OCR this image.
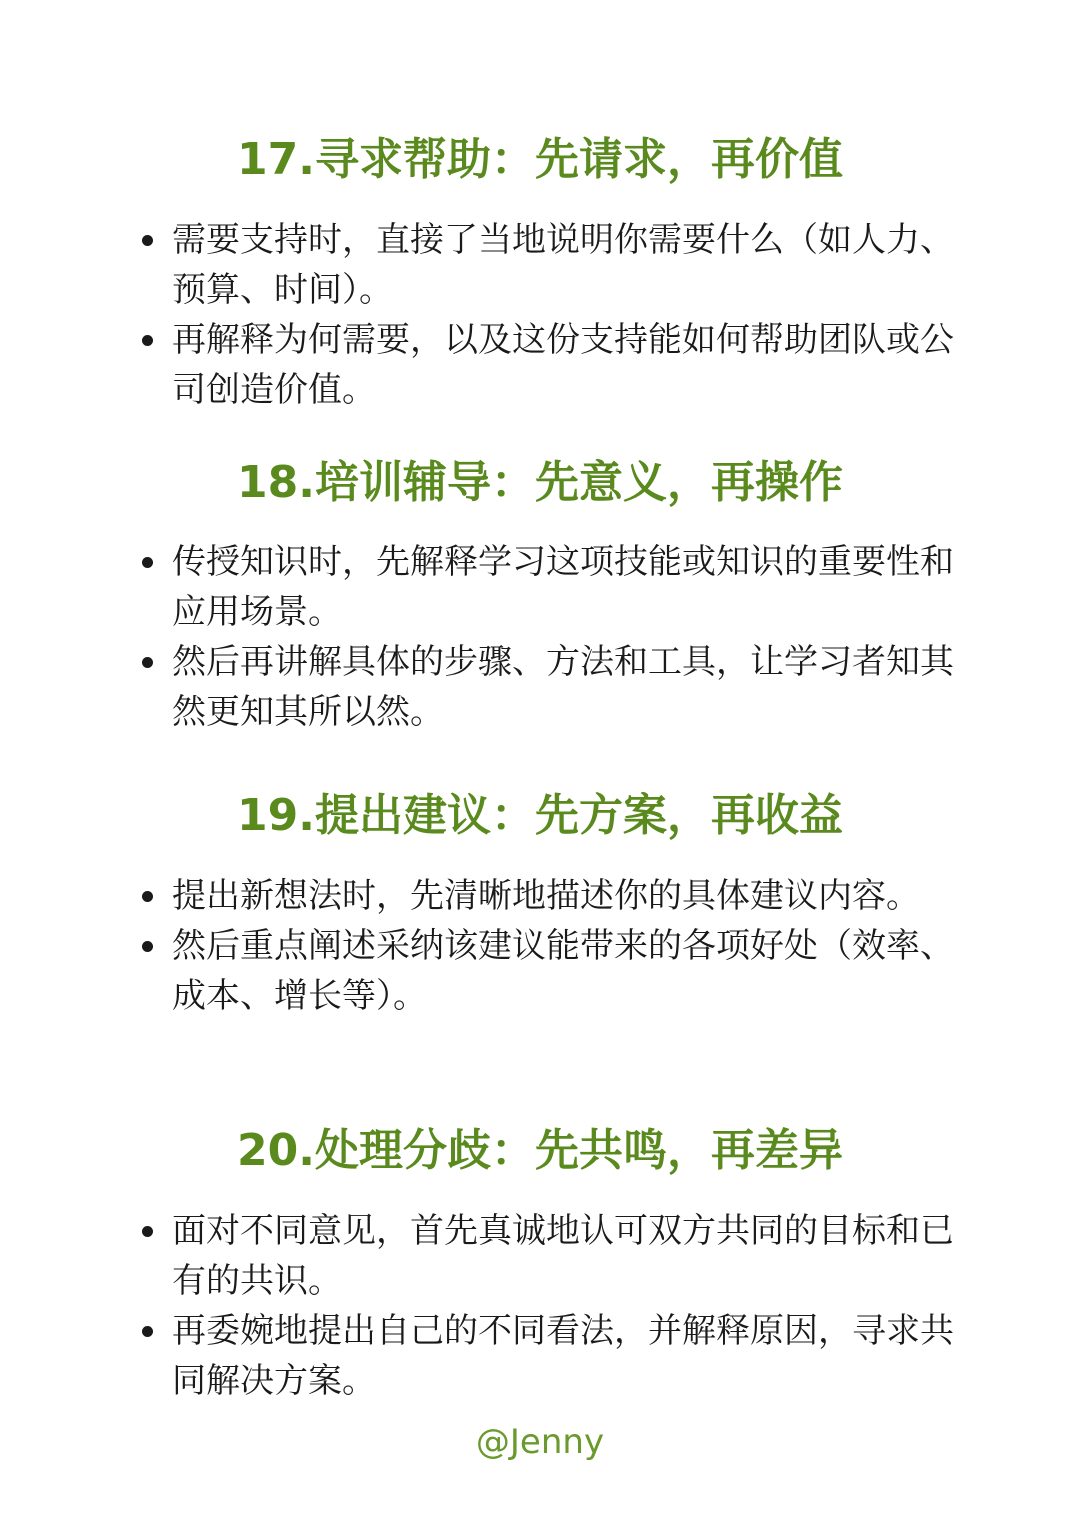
17.寻求帮助：先请求，再价值
需要支持时，直接了当地说明你需要什么（如人力、预算、时间）。
再解释为何需要，以及这份支持能如何帮助团队或公司创造价值。
18.培训辅导：先意义，再操作
传授知识时，先解释学习这项技能或知识的重要性和应用场景。
然后再讲解具体的步骤、方法和工具，让学习者知其然更知其所以然。
19.提出建议：先方案，再收益
提出新想法时，先清晰地描述你的具体建议内容。
然后重点阐述采纳该建议能带来的各项好处（效率、成本、增长等）。
20.处理分歧：先共鸣，再差异
面对不同意见，首先真诚地认可双方共同的目标和已有的共识。
再委婉地提出自己的不同看法，并解释原因，寻求共同解决方案。
@Jenny
